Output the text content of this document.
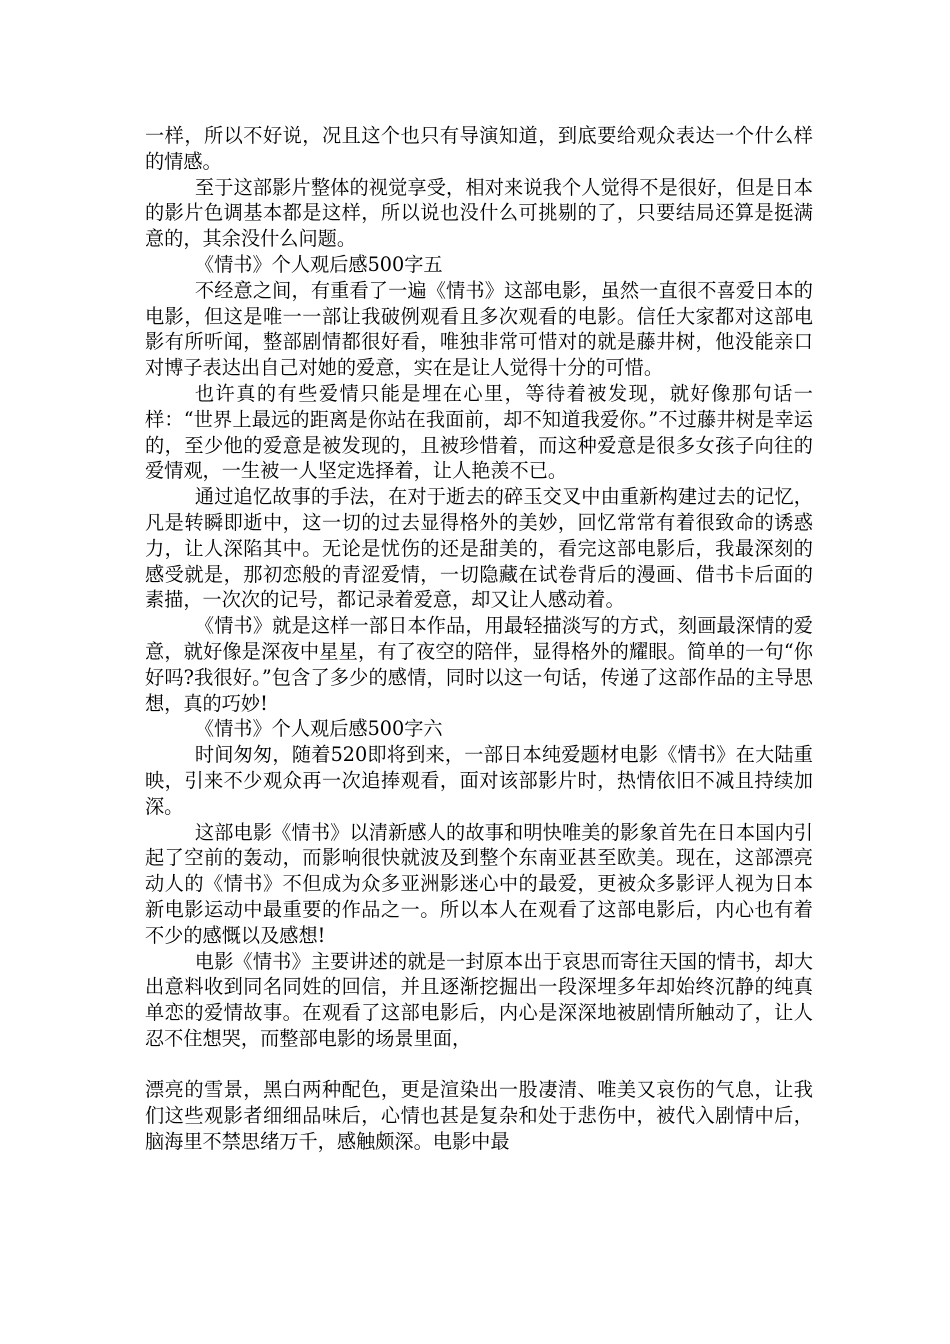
一样，所以不好说，况且这个也只有导演知道，到底要给观众表达一个什么样的情感。

至于这部影片整体的视觉享受，相对来说我个人觉得不是很好，但是日本的影片色调基本都是这样，所以说也没什么可挑剔的了，只要结局还算是挺满意的，其余没什么问题。

《情书》个人观后感500字五

不经意之间，有重看了一遍《情书》这部电影，虽然一直很不喜爱日本的电影，但这是唯一一部让我破例观看且多次观看的电影。信任大家都对这部电影有所听闻，整部剧情都很好看，唯独非常可惜对的就是藤井树，他没能亲口对博子表达出自己对她的爱意，实在是让人觉得十分的可惜。

也许真的有些爱情只能是埋在心里，等待着被发现，就好像那句话一样：“世界上最远的距离是你站在我面前，却不知道我爱你。”不过藤井树是幸运的，至少他的爱意是被发现的，且被珍惜着，而这种爱意是很多女孩子向往的爱情观，一生被一人坚定选择着，让人艳羡不已。

通过追忆故事的手法，在对于逝去的碎玉交叉中由重新构建过去的记忆，凡是转瞬即逝中，这一切的过去显得格外的美妙，回忆常常有着很致命的诱惑力，让人深陷其中。无论是忧伤的还是甜美的，看完这部电影后，我最深刻的感受就是，那初恋般的青涩爱情，一切隐藏在试卷背后的漫画、借书卡后面的素描，一次次的记号，都记录着爱意，却又让人感动着。

《情书》就是这样一部日本作品，用最轻描淡写的方式，刻画最深情的爱意，就好像是深夜中星星，有了夜空的陪伴，显得格外的耀眼。简单的一句“你好吗?我很好。”包含了多少的感情，同时以这一句话，传递了这部作品的主导思想，真的巧妙!

《情书》个人观后感500字六

时间匆匆，随着520即将到来，一部日本纯爱题材电影《情书》在大陆重映，引来不少观众再一次追捧观看，面对该部影片时，热情依旧不减且持续加深。

这部电影《情书》以清新感人的故事和明快唯美的影象首先在日本国内引起了空前的轰动，而影响很快就波及到整个东南亚甚至欧美。现在，这部漂亮动人的《情书》不但成为众多亚洲影迷心中的最爱，更被众多影评人视为日本新电影运动中最重要的作品之一。所以本人在观看了这部电影后，内心也有着不少的感慨以及感想!

电影《情书》主要讲述的就是一封原本出于哀思而寄往天国的情书，却大出意料收到同名同姓的回信，并且逐渐挖掘出一段深埋多年却始终沉静的纯真单恋的爱情故事。在观看了这部电影后，内心是深深地被剧情所触动了，让人忍不住想哭，而整部电影的场景里面，

漂亮的雪景，黑白两种配色，更是渲染出一股凄清、唯美又哀伤的气息，让我们这些观影者细细品味后，心情也甚是复杂和处于悲伤中，被代入剧情中后，脑海里不禁思绪万千，感触颇深。电影中最
